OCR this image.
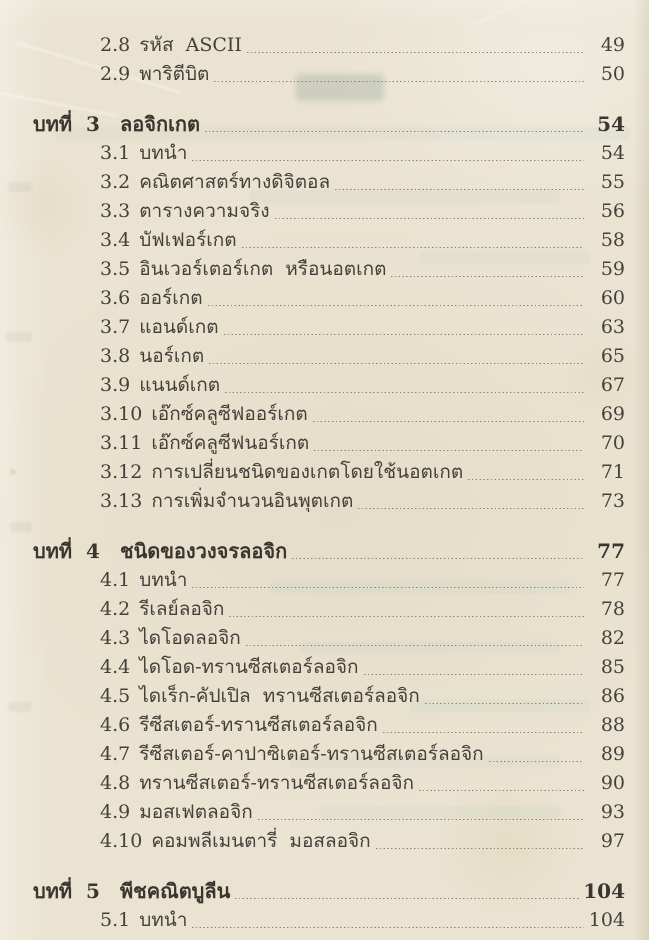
2.8 รหัส  ASCII	49
2.9 พาริตีบิต	50
บทที่  3	ลอจิกเกต	54
3.1 บทนำ	54
3.2 คณิตศาสตร์ทางดิจิตอล	55
3.3 ตารางความจริง	56
3.4 บัฟเฟอร์เกต	58
3.5 อินเวอร์เตอร์เกต  หรือนอตเกต	59
3.6 ออร์เกต	60
3.7 แอนด์เกต	63
3.8 นอร์เกต	65
3.9 แนนด์เกต	67
3.10 เอ๊กซ์คลูซีฟออร์เกต	69
3.11 เอ๊กซ์คลูซีฟนอร์เกต	70
3.12 การเปลี่ยนชนิดของเกตโดยใช้นอตเกต	71
3.13 การเพิ่มจำนวนอินพุตเกต	73
บทที่  4	ชนิดของวงจรลอจิก	77
4.1 บทนำ	77
4.2 รีเลย์ลอจิก	78
4.3 ไดโอดลอจิก	82
4.4 ไดโอด-ทรานซีสเตอร์ลอจิก	85
4.5 ไดเร็ก-คัปเปิล  ทรานซีสเตอร์ลอจิก	86
4.6 รีซีสเตอร์-ทรานซีสเตอร์ลอจิก	88
4.7 รีซีสเตอร์-คาปาซิเตอร์-ทรานซีสเตอร์ลอจิก	89
4.8 ทรานซีสเตอร์-ทรานซีสเตอร์ลอจิก	90
4.9 มอสเฟตลอจิก	93
4.10 คอมพลีเมนตารี่  มอสลอจิก	97
บทที่  5	พีชคณิตบูลีน	104
5.1 บทนำ	104
